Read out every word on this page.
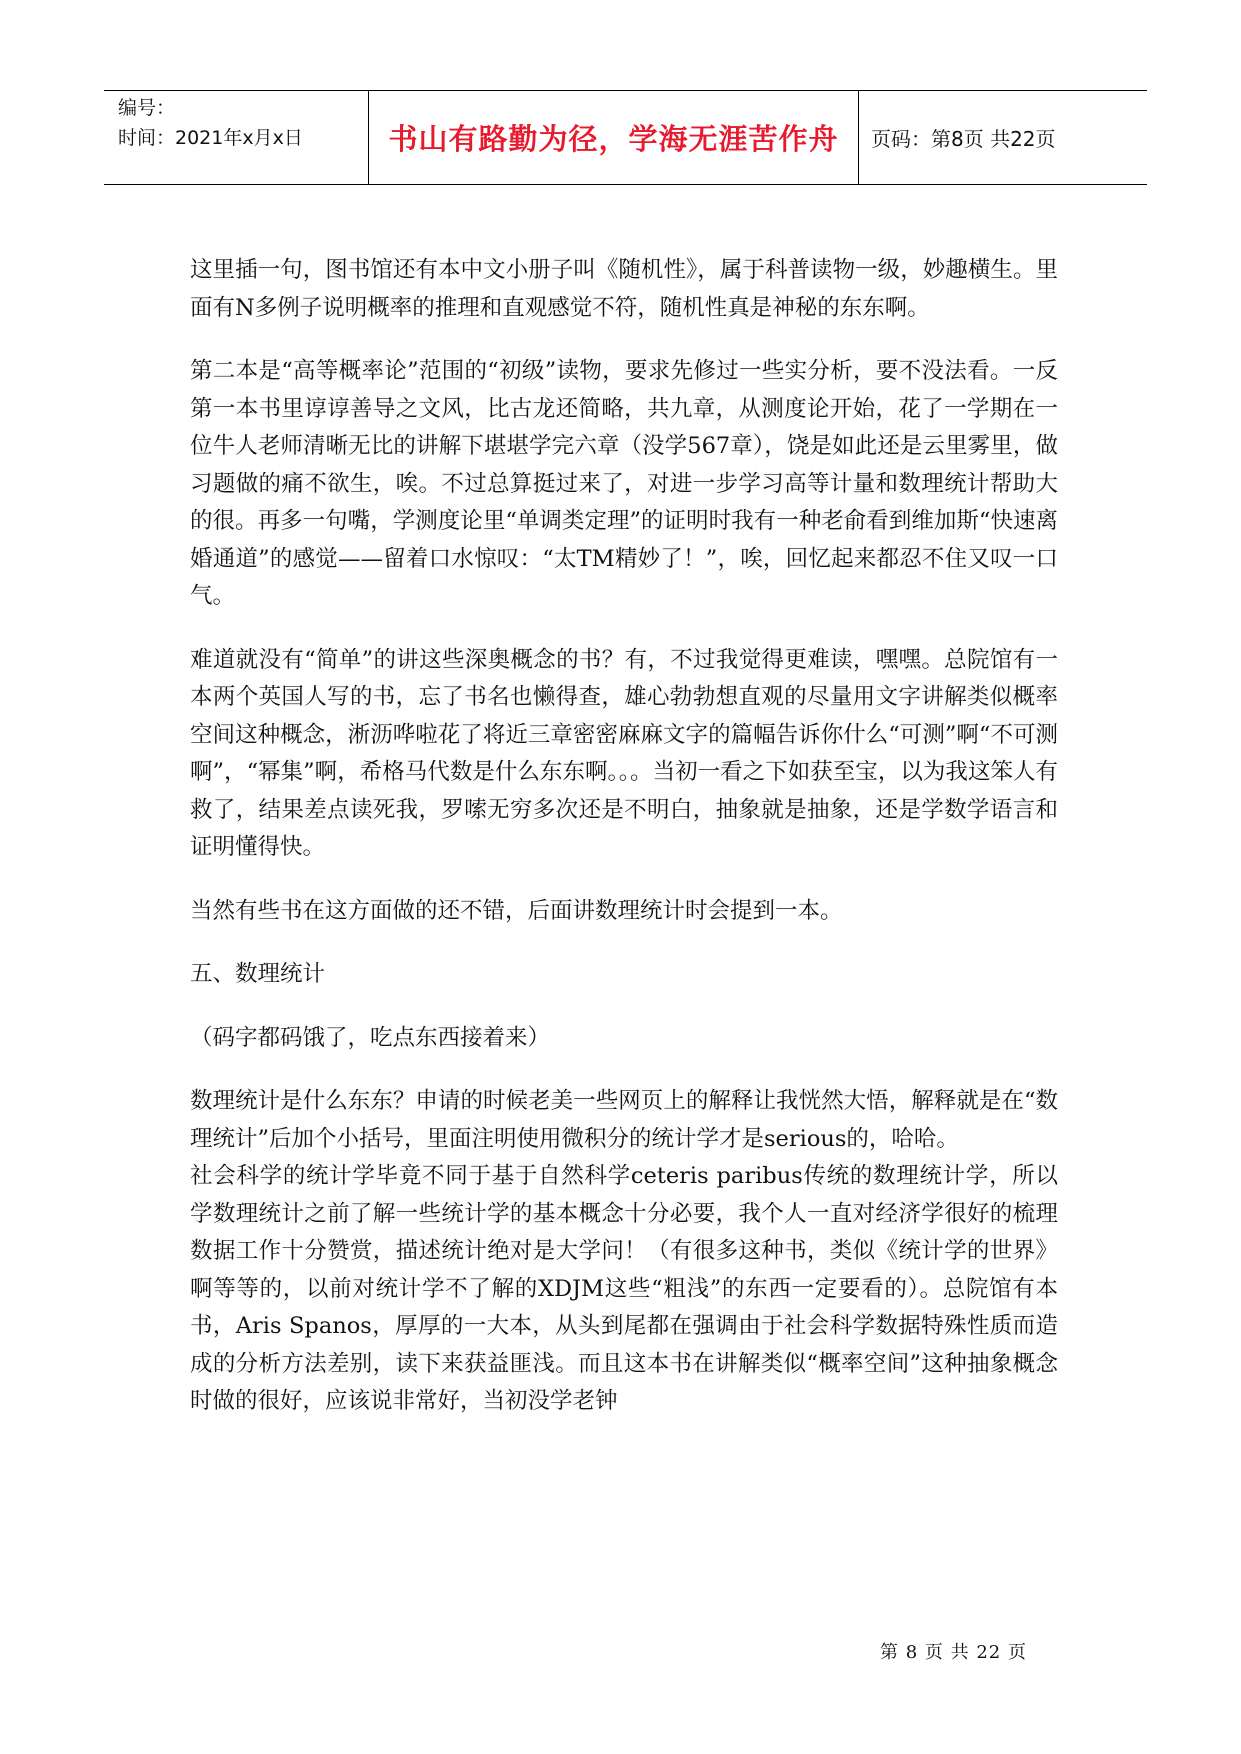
编号：
时间：2021年x月x日	书山有路勤为径，学海无涯苦作舟 页码：第8页 共22页

这里插一句，图书馆还有本中文小册子叫《随机性》，属于科普读物一级，妙趣横生。里面有N多例子说明概率的推理和直观感觉不符，随机性真是神秘的东东啊。

第二本是“高等概率论”范围的“初级”读物，要求先修过一些实分析，要不没法看。一反第一本书里谆谆善导之文风，比古龙还简略，共九章，从测度论开始，花了一学期在一位牛人老师清晰无比的讲解下堪堪学完六章（没学567章），饶是如此还是云里雾里，做习题做的痛不欲生，唉。不过总算挺过来了，对进一步学习高等计量和数理统计帮助大的很。再多一句嘴，学测度论里“单调类定理”的证明时我有一种老俞看到维加斯“快速离婚通道”的感觉——留着口水惊叹：“太TM精妙了！”，唉，回忆起来都忍不住又叹一口气。

难道就没有“简单”的讲这些深奥概念的书？有，不过我觉得更难读，嘿嘿。总院馆有一本两个英国人写的书，忘了书名也懒得查，雄心勃勃想直观的尽量用文字讲解类似概率空间这种概念，淅沥哗啦花了将近三章密密麻麻文字的篇幅告诉你什么“可测”啊“不可测啊”，“幂集”啊，希格马代数是什么东东啊。。。当初一看之下如获至宝，以为我这笨人有救了，结果差点读死我，罗嗦无穷多次还是不明白，抽象就是抽象，还是学数学语言和证明懂得快。

当然有些书在这方面做的还不错，后面讲数理统计时会提到一本。

五、数理统计

（码字都码饿了，吃点东西接着来）

数理统计是什么东东？申请的时候老美一些网页上的解释让我恍然大悟，解释就是在“数理统计”后加个小括号，里面注明使用微积分的统计学才是serious的，哈哈。

社会科学的统计学毕竟不同于基于自然科学ceteris paribus传统的数理统计学，所以学数理统计之前了解一些统计学的基本概念十分必要，我个人一直对经济学很好的梳理数据工作十分赞赏，描述统计绝对是大学问！（有很多这种书，类似《统计学的世界》啊等等的，以前对统计学不了解的XDJM这些“粗浅”的东西一定要看的）。总院馆有本书，Aris Spanos，厚厚的一大本，从头到尾都在强调由于社会科学数据特殊性质而造成的分析方法差别，读下来获益匪浅。而且这本书在讲解类似“概率空间”这种抽象概念时做的很好，应该说非常好，当初没学老钟

第 8 页 共 22 页
